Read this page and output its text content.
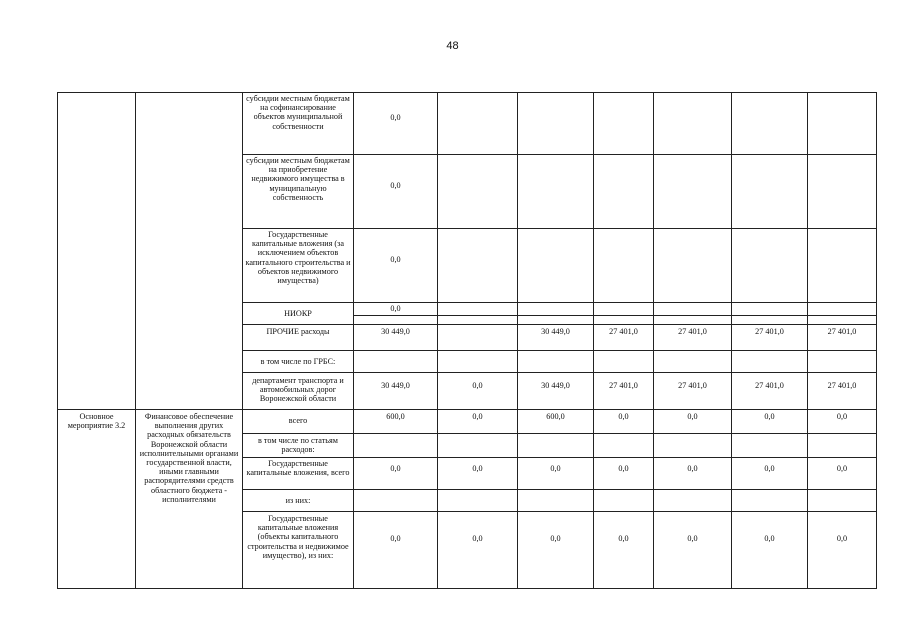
48
		субсидии местным бюджетам на софинансирование объектов муниципальной собственности	0,0						
		субсидии местным бюджетам на приобретение недвижимого имущества в муниципальную собственность	0,0						
		Государственные капитальные вложения (за исключением объектов капитального строительства и объектов недвижимого имущества)	0,0						
		НИОКР	0,0						

		ПРОЧИЕ расходы	30 449,0		30 449,0	27 401,0	27 401,0	27 401,0	27 401,0
		в том числе по ГРБС:							
		департамент транспорта и автомобильных дорог Воронежской области	30 449,0	0,0	30 449,0	27 401,0	27 401,0	27 401,0	27 401,0
Основное мероприятие 3.2	Финансовое обеспечение выполнения других расходных обязательств Воронежской области исполнительными органами государственной власти, иными главными распорядителями средств областного бюджета - исполнителями	всего	600,0	0,0	600,0	0,0	0,0	0,0	0,0
		в том числе по статьям расходов:							
		Государственные капитальные вложения, всего	0,0	0,0	0,0	0,0	0,0	0,0	0,0
		из них:							
		Государственные капитальные вложения (объекты капитального строительства и недвижимое имущество), из них:	0,0	0,0	0,0	0,0	0,0	0,0	0,0
